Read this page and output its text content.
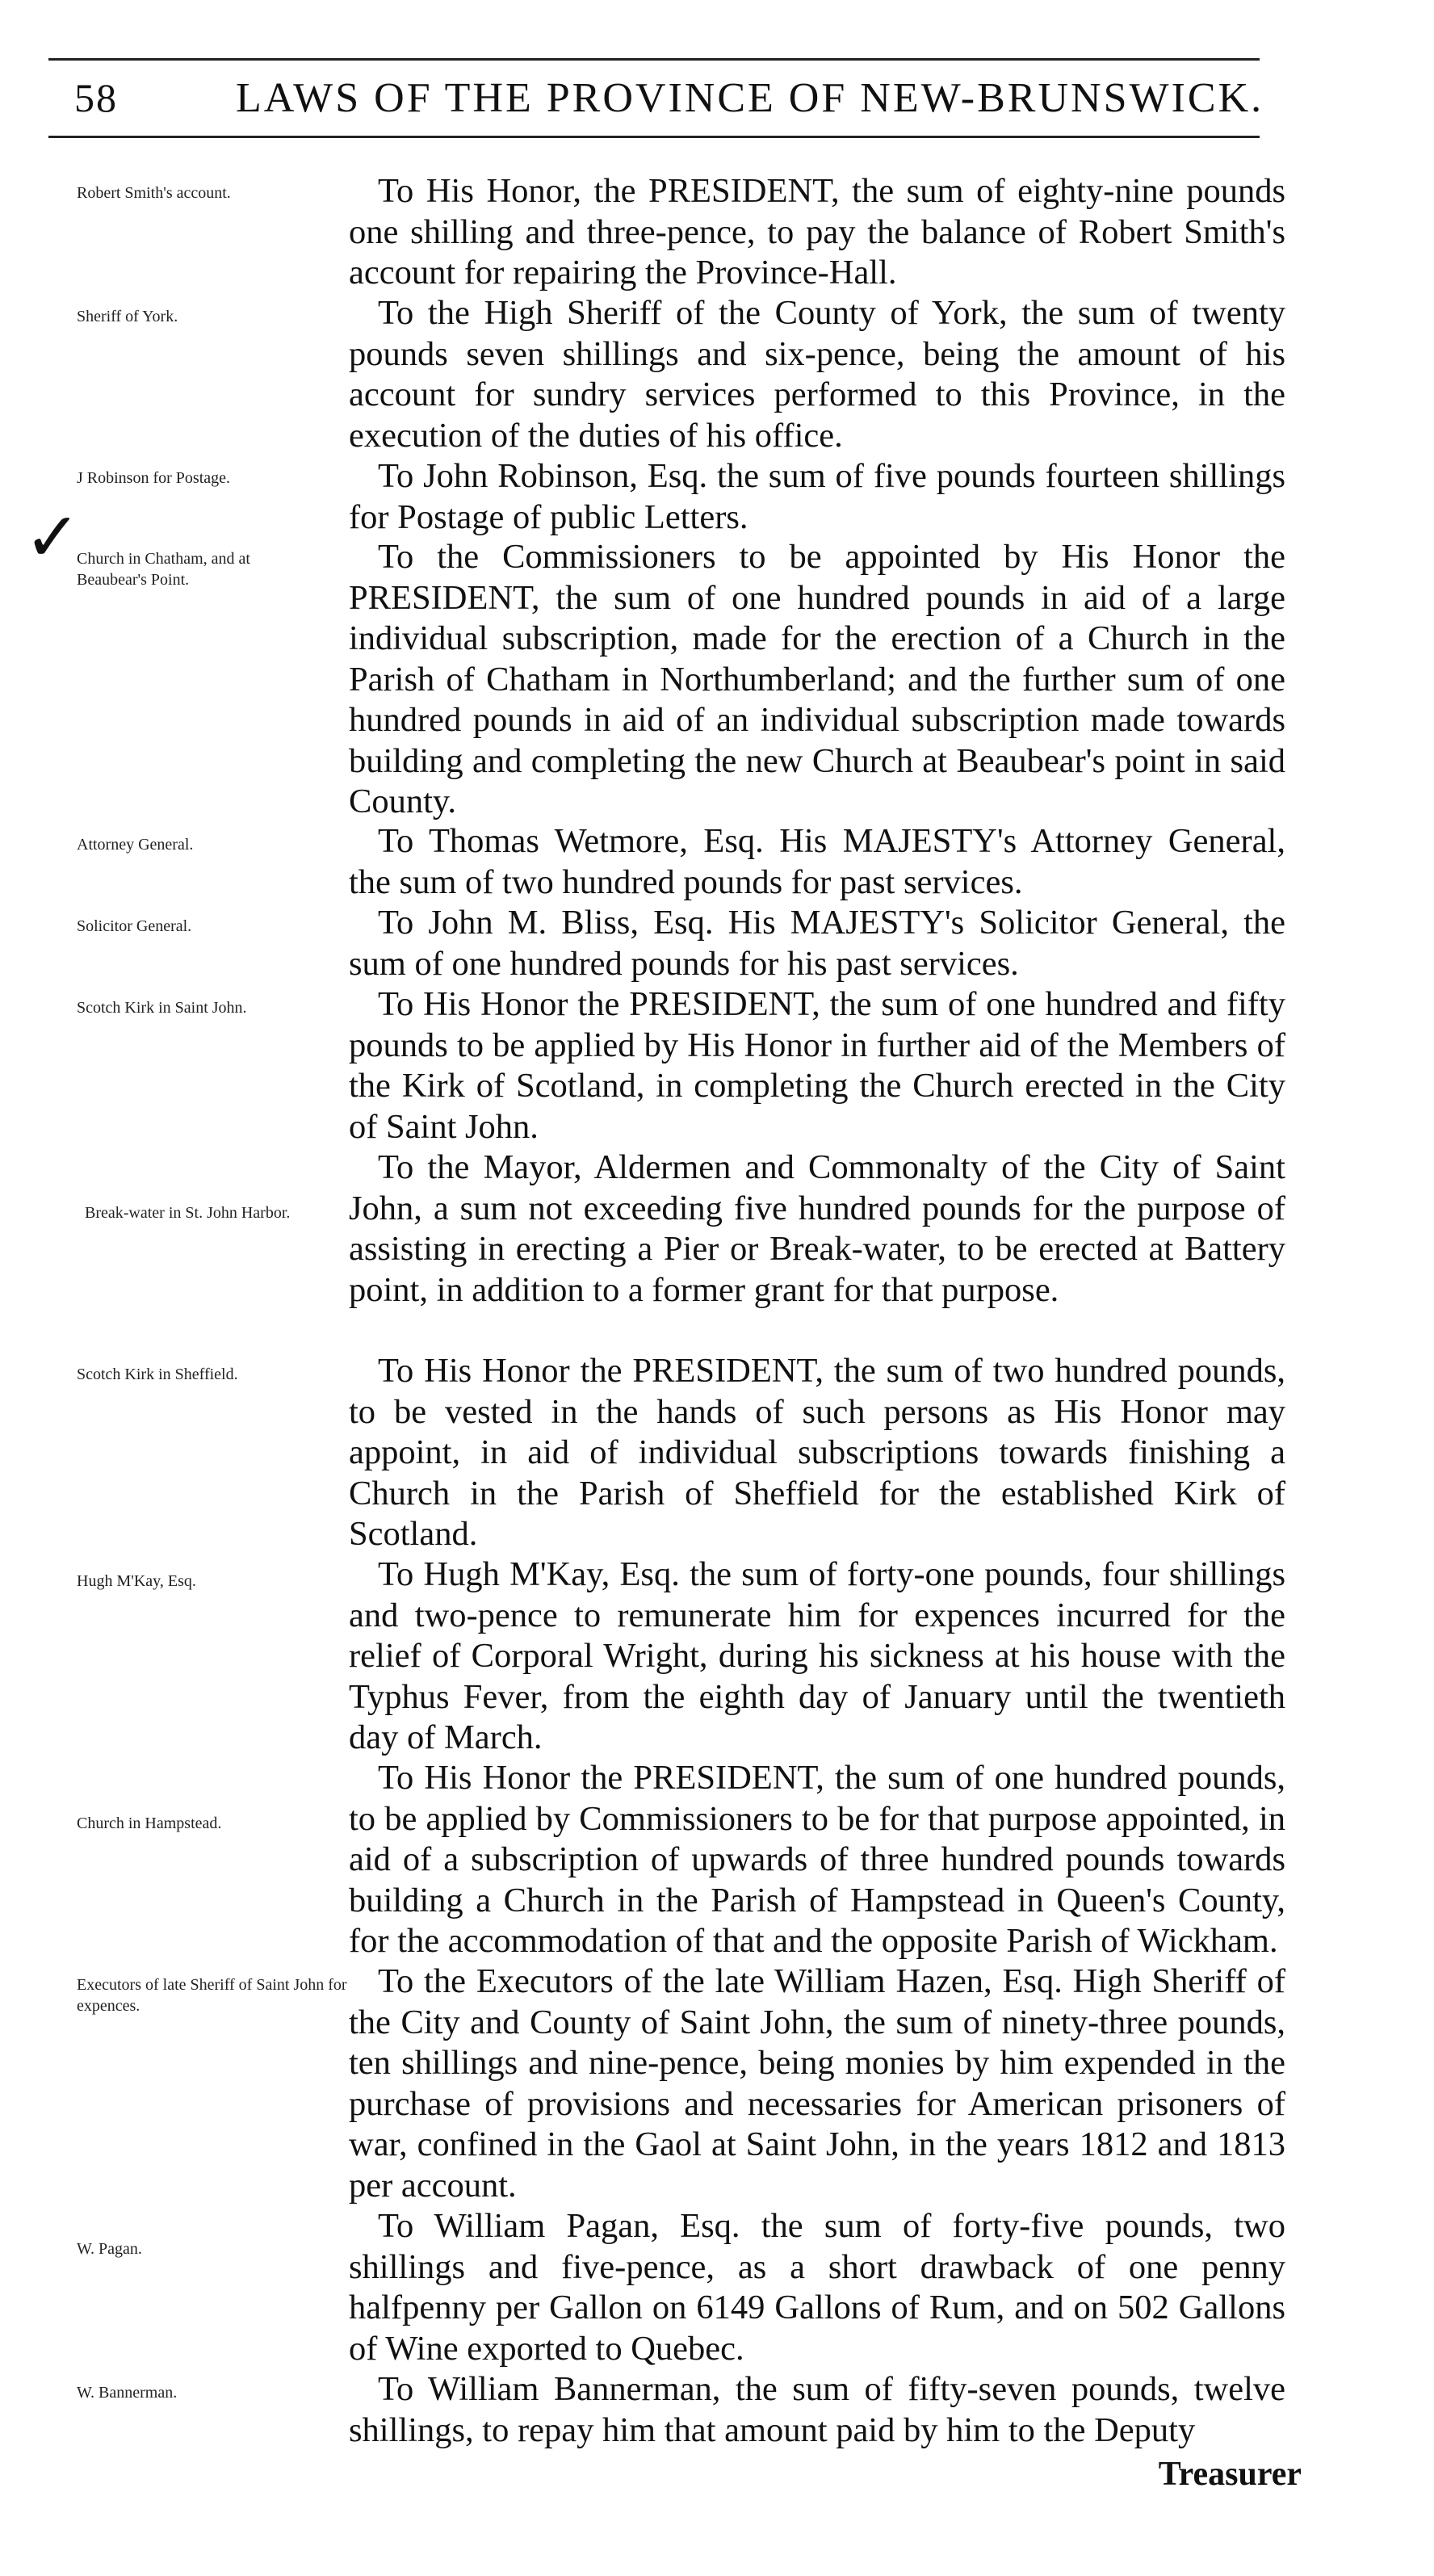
58	LAWS OF THE PROVINCE OF NEW-BRUNSWICK.
✓
Robert Smith's account.	To His Honor, the PRESIDENT, the sum of eighty-nine pounds one shilling and three-pence, to pay the balance of Robert Smith's account for repairing the Province-Hall.
Sheriff of York.	To the High Sheriff of the County of York, the sum of twenty pounds seven shillings and six-pence, being the amount of his account for sundry services performed to this Province, in the execution of the duties of his office.
J Robinson for Postage.	To John Robinson, Esq. the sum of five pounds fourteen shillings for Postage of public Letters.
Church in Chatham, and at Beaubear's Point.
To the Commissioners to be appointed by His Honor the PRESIDENT, the sum of one hundred pounds in aid of a large individual subscription, made for the erection of a Church in the Parish of Chatham in Northumberland; and the further sum of one hundred pounds in aid of an individual subscription made towards building and completing the new Church at Beaubear's point in said County.
Attorney General.	To Thomas Wetmore, Esq. His MAJESTY's Attorney General, the sum of two hundred pounds for past services.
Solicitor General.	To John M. Bliss, Esq. His MAJESTY's Solicitor General, the sum of one hundred pounds for his past services.
Scotch Kirk in Saint John.	To His Honor the PRESIDENT, the sum of one hundred and fifty pounds to be applied by His Honor in further aid of the Members of the Kirk of Scotland, in completing the Church erected in the City of Saint John.
Break-water in St. John Harbor.
To the Mayor, Aldermen and Commonalty of the City of Saint John, a sum not exceeding five hundred pounds for the purpose of assisting in erecting a Pier or Break-water, to be erected at Battery point, in addition to a former grant for that purpose.
Scotch Kirk in Sheffield.	To His Honor the PRESIDENT, the sum of two hundred pounds, to be vested in the hands of such persons as His Honor may appoint, in aid of individual subscriptions towards finishing a Church in the Parish of Sheffield for the established Kirk of Scotland.
Hugh M'Kay, Esq.	To Hugh M'Kay, Esq. the sum of forty-one pounds, four shillings and two-pence to remunerate him for expences incurred for the relief of Corporal Wright, during his sickness at his house with the Typhus Fever, from the eighth day of January until the twentieth day of March.
Church in Hampstead.
To His Honor the PRESIDENT, the sum of one hundred pounds, to be applied by Commissioners to be for that purpose appointed, in aid of a subscription of upwards of three hundred pounds towards building a Church in the Parish of Hampstead in Queen's County, for the accommodation of that and the opposite Parish of Wickham.
Executors of late Sheriff of Saint John for expences.
To the Executors of the late William Hazen, Esq. High Sheriff of the City and County of Saint John, the sum of ninety-three pounds, ten shillings and nine-pence, being monies by him expended in the purchase of provisions and necessaries for American prisoners of war, confined in the Gaol at Saint John, in the years 1812 and 1813 per account.
W. Pagan.
To William Pagan, Esq. the sum of forty-five pounds, two shillings and five-pence, as a short drawback of one penny halfpenny per Gallon on 6149 Gallons of Rum, and on 502 Gallons of Wine exported to Quebec.
W. Bannerman.	To William Bannerman, the sum of fifty-seven pounds, twelve shillings, to repay him that amount paid by him to the Deputy
Treasurer
